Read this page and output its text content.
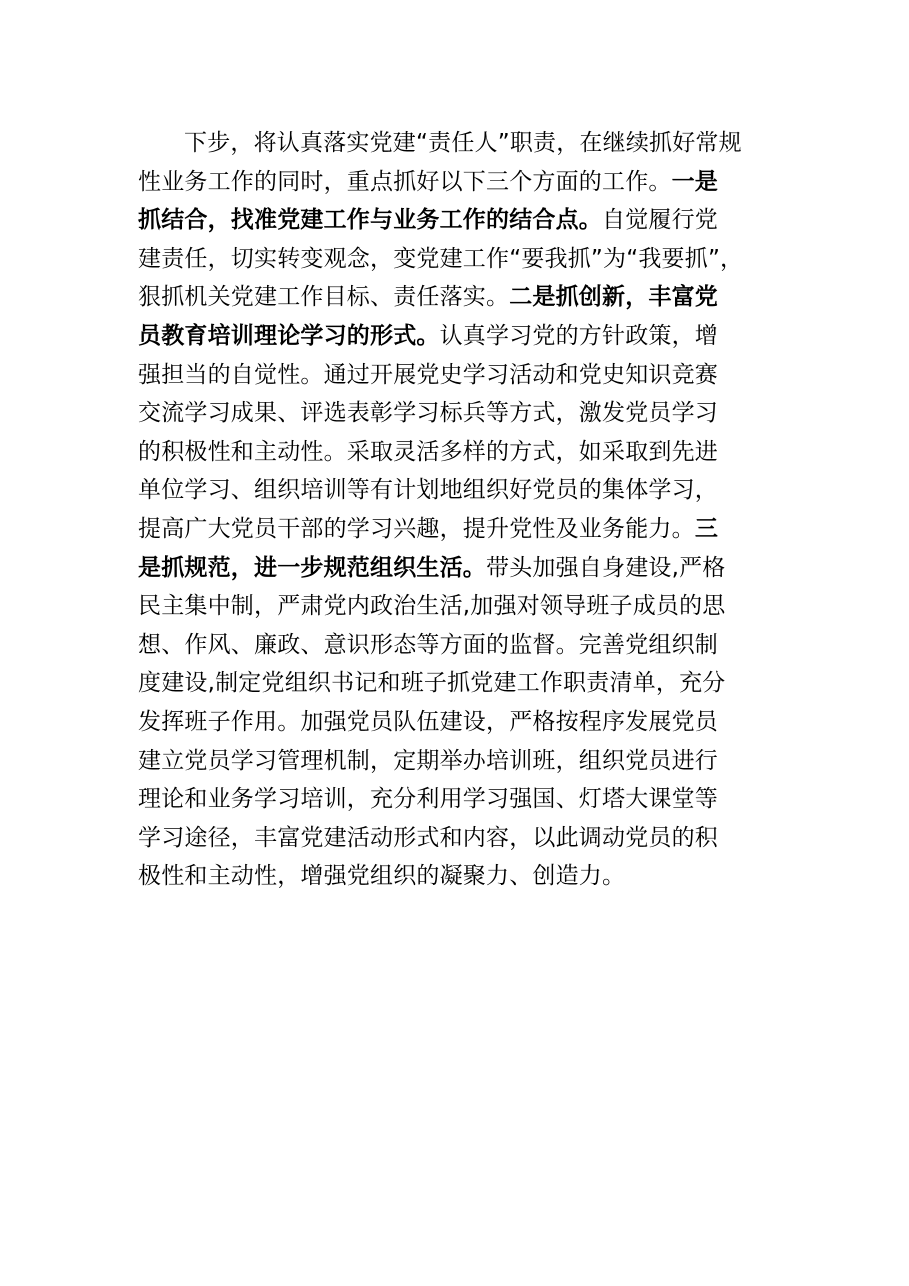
下步，将认真落实党建“责任人”职责，在继续抓好常规
性业务工作的同时，重点抓好以下三个方面的工作。一是
抓结合，找准党建工作与业务工作的结合点。自觉履行党
建责任，切实转变观念，变党建工作“要我抓”为“我要抓”，
狠抓机关党建工作目标、责任落实。二是抓创新，丰富党
员教育培训理论学习的形式。认真学习党的方针政策，增
强担当的自觉性。通过开展党史学习活动和党史知识竞赛
交流学习成果、评选表彰学习标兵等方式，激发党员学习
的积极性和主动性。采取灵活多样的方式，如采取到先进
单位学习、组织培训等有计划地组织好党员的集体学习，
提高广大党员干部的学习兴趣，提升党性及业务能力。三
是抓规范，进一步规范组织生活。带头加强自身建设,严格
民主集中制，严肃党内政治生活,加强对领导班子成员的思
想、作风、廉政、意识形态等方面的监督。完善党组织制
度建设,制定党组织书记和班子抓党建工作职责清单，充分
发挥班子作用。加强党员队伍建设，严格按程序发展党员
建立党员学习管理机制，定期举办培训班，组织党员进行
理论和业务学习培训，充分利用学习强国、灯塔大课堂等
学习途径，丰富党建活动形式和内容，以此调动党员的积
极性和主动性，增强党组织的凝聚力、创造力。
